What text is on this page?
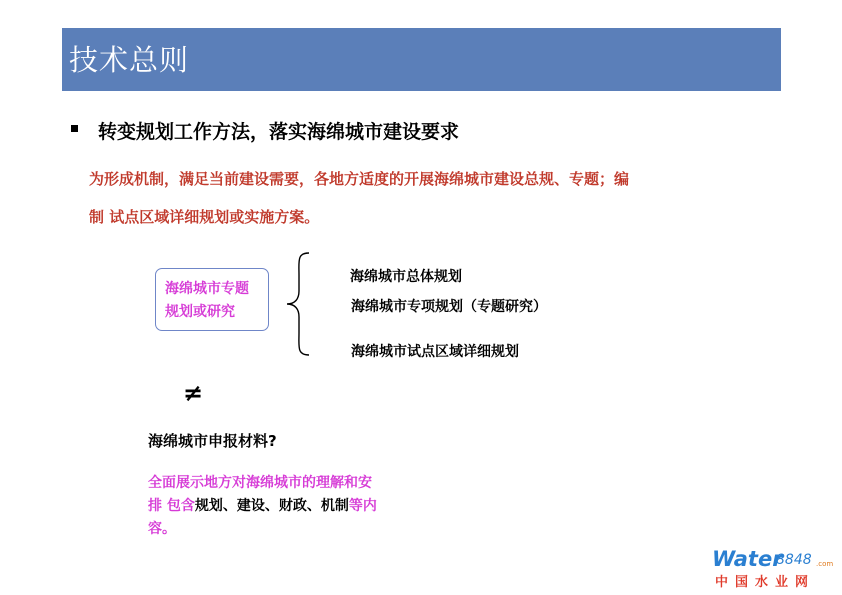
技术总则
转变规划工作方法，落实海绵城市建设要求
为形成机制，满足当前建设需要，各地方适度的开展海绵城市建设总规、专题；编
制 试点区域详细规划或实施方案。
海绵城市专题
规划或研究
海绵城市总体规划
海绵城市专项规划（专题研究）
海绵城市试点区域详细规划
≠
海绵城市申报材料?
全面展示地方对海绵城市的理解和安
排 包含规划、建设、财政、机制等内
容。
Water
8848 .com
中国水业网
